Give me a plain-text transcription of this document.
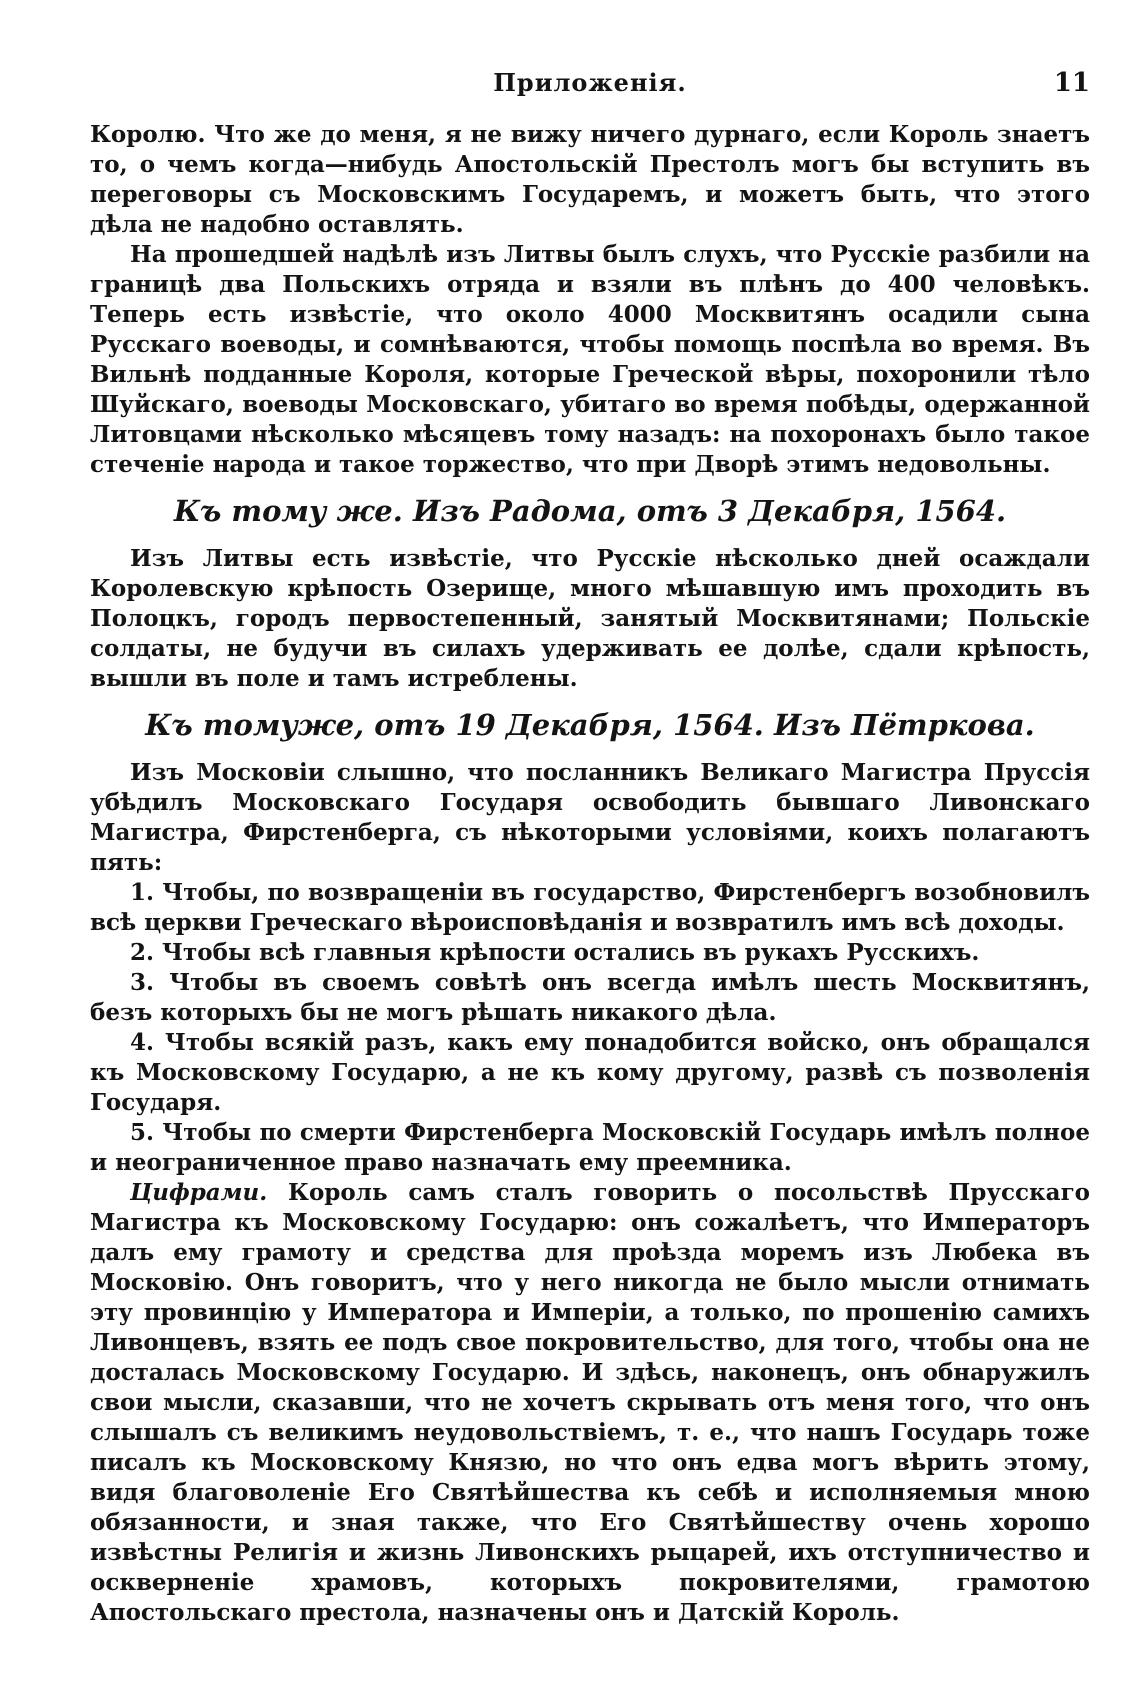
Приложенія.	11

Королю. Что же до меня, я не вижу ничего дурнаго, если Король знаетъ то, о чемъ когда—нибудь Апостольскій Престолъ могъ бы вступить въ переговоры съ Московскимъ Государемъ, и можетъ быть, что этого дѣла не надобно оставлять.

На прошедшей надѣлѣ изъ Литвы былъ слухъ, что Русскіе разбили на границѣ два Польскихъ отряда и взяли въ плѣнъ до 400 человѣкъ. Теперь есть извѣстіе, что около 4000 Москвитянъ осадили сына Русскаго воеводы, и сомнѣваются, чтобы помощь поспѣла во время. Въ Вильнѣ подданные Короля, которые Греческой вѣры, похоронили тѣло Шуйскаго, воеводы Московскаго, убитаго во время побѣды, одержанной Литовцами нѣсколько мѣсяцевъ тому назадъ: на похоронахъ было такое стеченіе народа и такое торжество, что при Дворѣ этимъ недовольны.

Къ тому же. Изъ Радома, отъ 3 Декабря, 1564.

Изъ Литвы есть извѣстіе, что Русскіе нѣсколько дней осаждали Королевскую крѣпость Озерище, много мѣшавшую имъ проходить въ Полоцкъ, городъ первостепенный, занятый Москвитянами; Польскіе солдаты, не будучи въ силахъ удерживать ее долѣе, сдали крѣпость, вышли въ поле и тамъ истреблены.

Къ томуже, отъ 19 Декабря, 1564. Изъ Пётркова.

Изъ Московіи слышно, что посланникъ Великаго Магистра Пруссія убѣдилъ Московскаго Государя освободить бывшаго Ливонскаго Магистра, Фирстенберга, съ нѣкоторыми условіями, коихъ полагаютъ пять:

1. Чтобы, по возвращеніи въ государство, Фирстенбергъ возобновилъ всѣ церкви Греческаго вѣроисповѣданія и возвратилъ имъ всѣ доходы.

2. Чтобы всѣ главныя крѣпости остались въ рукахъ Русскихъ.

3. Чтобы въ своемъ совѣтѣ онъ всегда имѣлъ шесть Москвитянъ, безъ которыхъ бы не могъ рѣшать никакого дѣла.

4. Чтобы всякій разъ, какъ ему понадобится войско, онъ обращался къ Московскому Государю, а не къ кому другому, развѣ съ позволенія Государя.

5. Чтобы по смерти Фирстенберга Московскій Государь имѣлъ полное и неограниченное право назначать ему преемника.

Цифрами. Король самъ сталъ говорить о посольствѣ Прусскаго Магистра къ Московскому Государю: онъ сожалѣетъ, что Императоръ далъ ему грамоту и средства для проѣзда моремъ изъ Любека въ Московію. Онъ говоритъ, что у него никогда не было мысли отнимать эту провинцію у Императора и Имперіи, а только, по прошенію самихъ Ливонцевъ, взять ее подъ свое покровительство, для того, чтобы она не досталась Московскому Государю. И здѣсь, наконецъ, онъ обнаружилъ свои мысли, сказавши, что не хочетъ скрывать отъ меня того, что онъ слышалъ съ великимъ неудовольствіемъ, т. е., что нашъ Государь тоже писалъ къ Московскому Князю, но что онъ едва могъ вѣрить этому, видя благоволеніе Его Святѣйшества къ себѣ и исполняемыя мною обязанности, и зная также, что Его Святѣйшеству очень хорошо извѣстны Религія и жизнь Ливонскихъ рыцарей, ихъ отступничество и оскверненіе храмовъ, которыхъ покровителями, грамотою Апостольскаго престола, назначены онъ и Датскій Король.
